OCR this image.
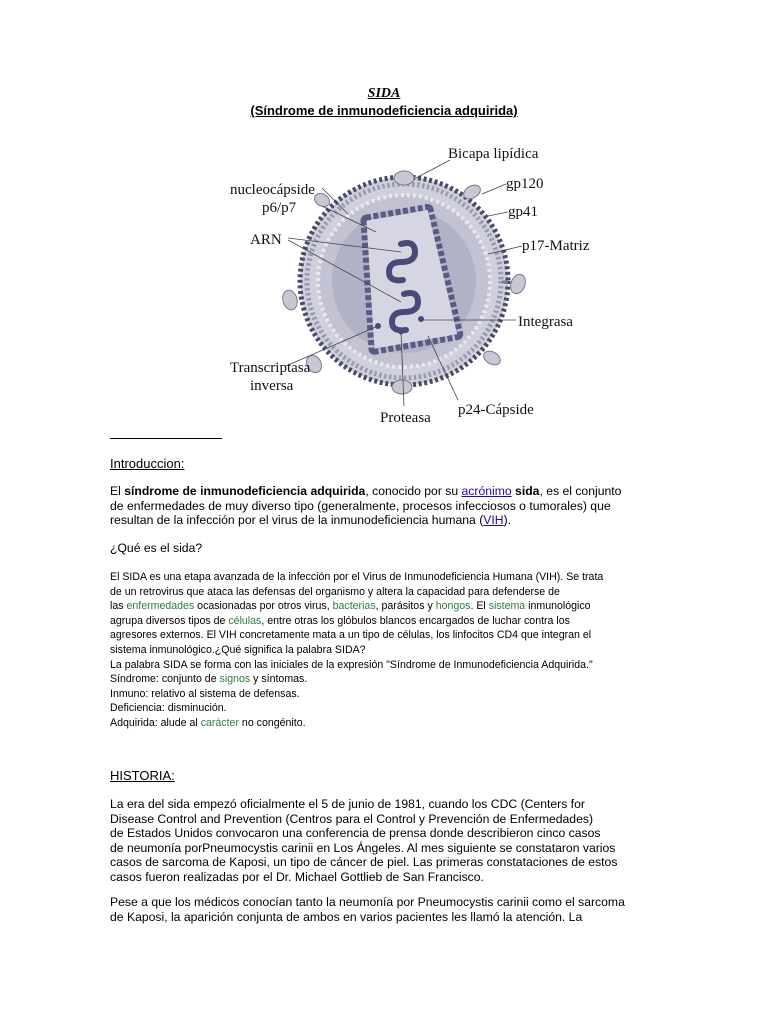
SIDA
(Síndrome de inmunodeficiencia adquirida)
nucleocápside
p6/p7
ARN
Bicapa lipídica
gp120
gp41
p17-Matriz
Integrasa
Transcriptasa
inversa
Proteasa p24-Cápside
Introduccion:
El síndrome de inmunodeficiencia adquirida, conocido por su acrónimo sida, es el conjunto
de enfermedades de muy diverso tipo (generalmente, procesos infecciosos o tumorales) que
resultan de la infección por el virus de la inmunodeficiencia humana (VIH).
¿Qué es el sida?
El SIDA es una etapa avanzada de la infección por el Virus de Inmunodeficiencia Humana (VIH). Se trata
de un retrovirus que ataca las defensas del organismo y altera la capacidad para defenderse de
las enfermedades ocasionadas por otros virus, bacterias, parásitos y hongos. El sistema inmunológico
agrupa diversos tipos de células, entre otras los glóbulos blancos encargados de luchar contra los
agresores externos. El VIH concretamente mata a un tipo de células, los linfocitos CD4 que integran el
sistema inmunológico.¿Qué significa la palabra SIDA?
La palabra SIDA se forma con las iniciales de la expresión "Síndrome de Inmunodeficiencia Adquirida."
Síndrome: conjunto de signos y síntomas.
Inmuno: relativo al sistema de defensas.
Deficiencia: disminución.
Adquirida: alude al carácter no congénito.
HISTORIA:
La era del sida empezó oficialmente el 5 de junio de 1981, cuando los CDC (Centers for
Disease Control and Prevention (Centros para el Control y Prevención de Enfermedades)
de Estados Unidos convocaron una conferencia de prensa donde describieron cinco casos
de neumonía porPneumocystis carinii en Los Ángeles. Al mes siguiente se constataron varios
casos de sarcoma de Kaposi, un tipo de cáncer de piel. Las primeras constataciones de estos
casos fueron realizadas por el Dr. Michael Gottlieb de San Francisco.
Pese a que los médicos conocían tanto la neumonía por Pneumocystis carinii como el sarcoma
de Kaposi, la aparición conjunta de ambos en varios pacientes les llamó la atención. La
